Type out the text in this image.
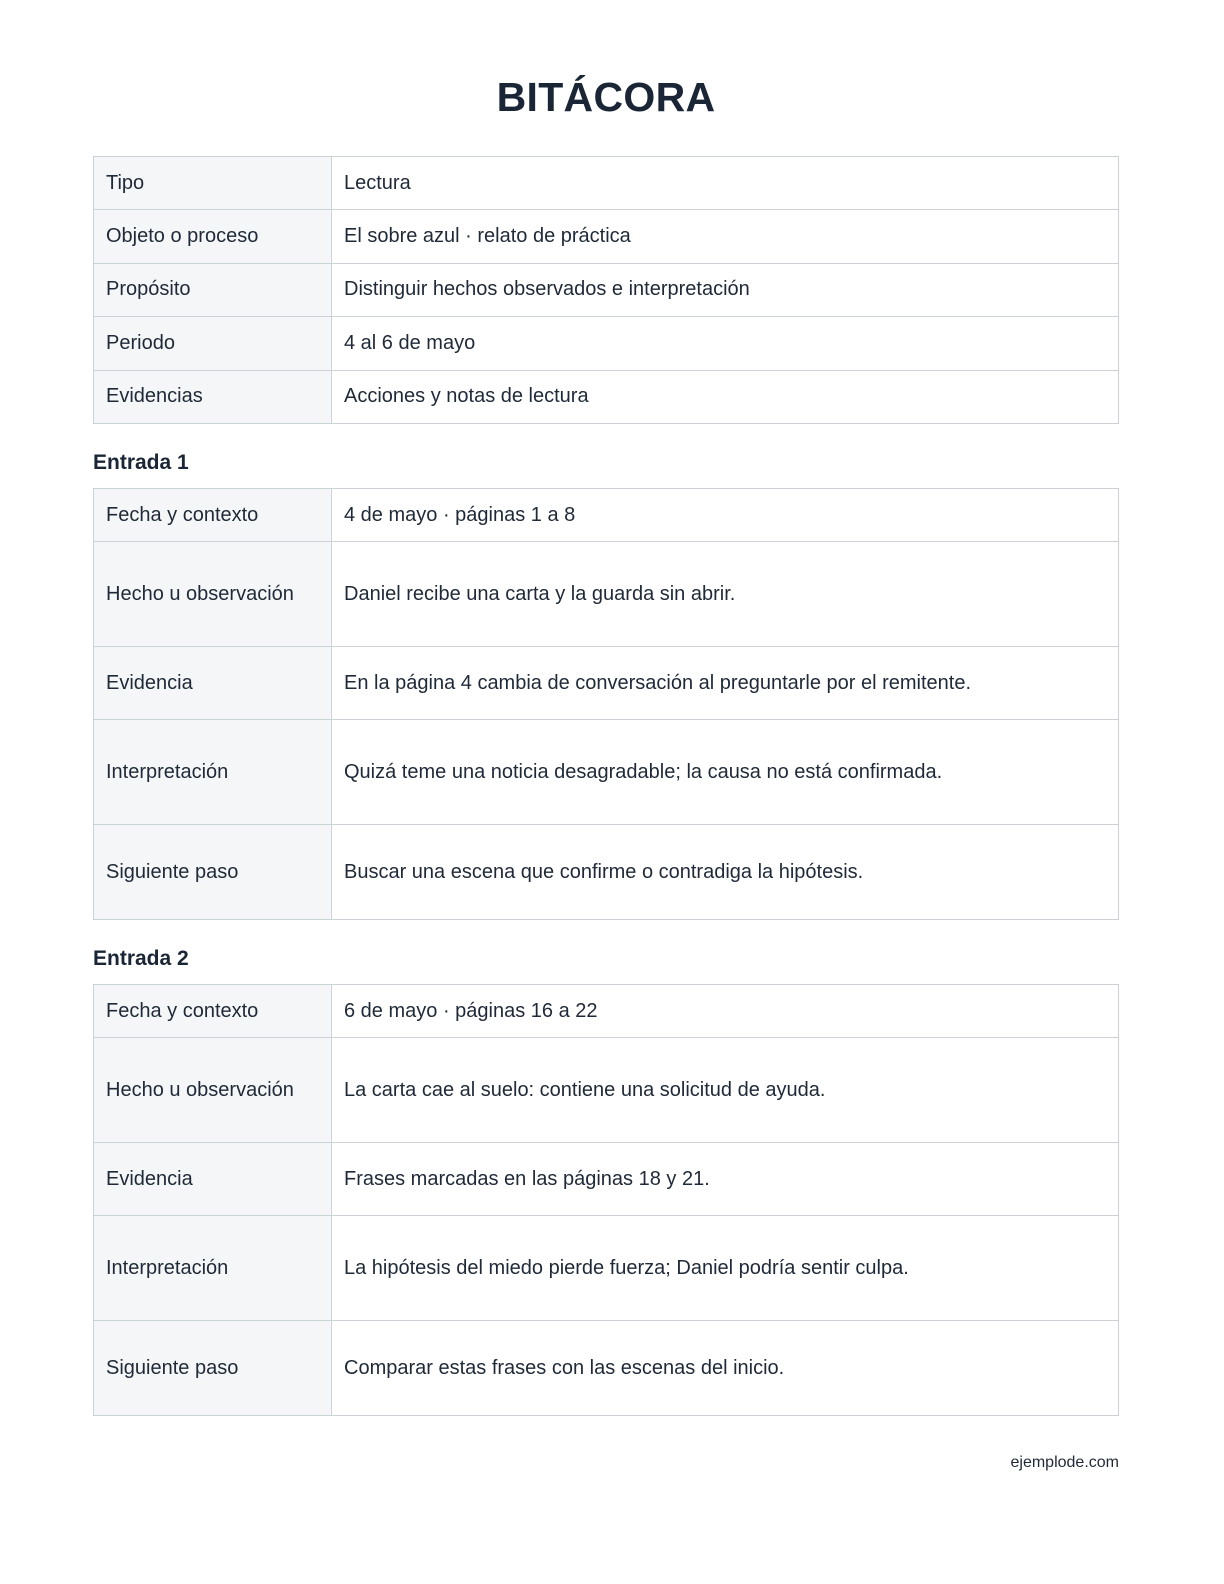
BITÁCORA
Tipo	Lectura
Objeto o proceso	El sobre azul · relato de práctica
Propósito	Distinguir hechos observados e interpretación
Periodo	4 al 6 de mayo
Evidencias	Acciones y notas de lectura
Entrada 1
Fecha y contexto	4 de mayo · páginas 1 a 8
Hecho u observación	Daniel recibe una carta y la guarda sin abrir.
Evidencia	En la página 4 cambia de conversación al preguntarle por el remitente.
Interpretación	Quizá teme una noticia desagradable; la causa no está confirmada.
Siguiente paso	Buscar una escena que confirme o contradiga la hipótesis.
Entrada 2
Fecha y contexto	6 de mayo · páginas 16 a 22
Hecho u observación	La carta cae al suelo: contiene una solicitud de ayuda.
Evidencia	Frases marcadas en las páginas 18 y 21.
Interpretación	La hipótesis del miedo pierde fuerza; Daniel podría sentir culpa.
Siguiente paso	Comparar estas frases con las escenas del inicio.
ejemplode.com
